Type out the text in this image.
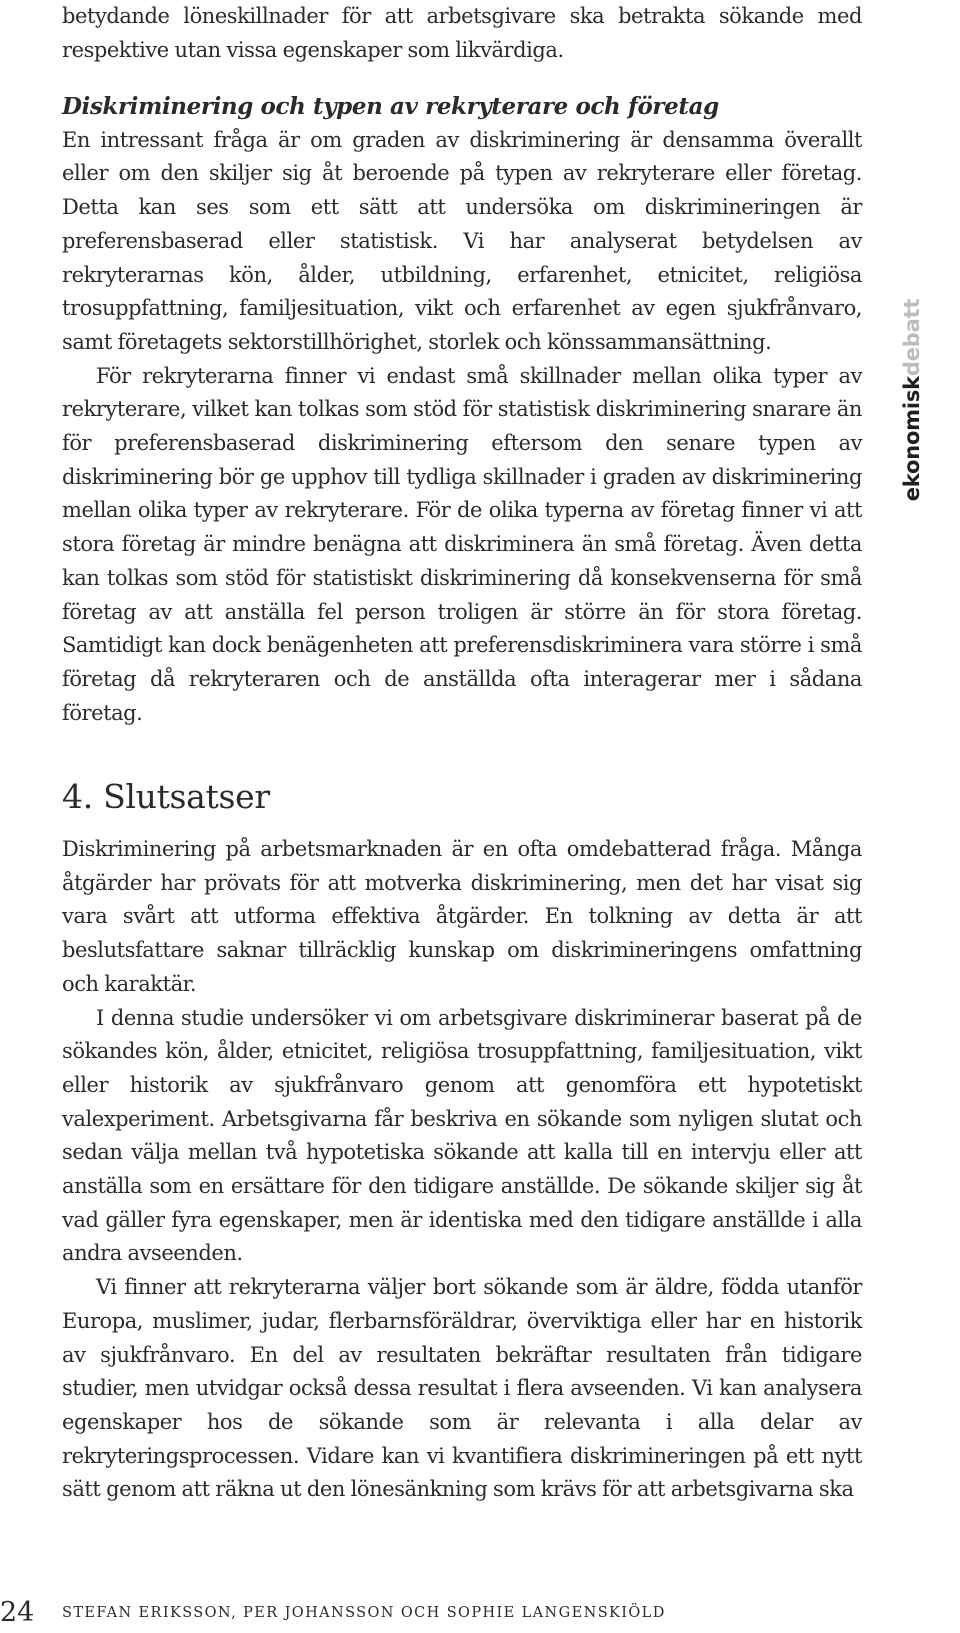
betydande löneskillnader för att arbetsgivare ska betrakta sökande med respektive utan vissa egenskaper som likvärdiga.

Diskriminering och typen av rekryterare och företag

En intressant fråga är om graden av diskriminering är densamma överallt eller om den skiljer sig åt beroende på typen av rekryterare eller företag. Detta kan ses som ett sätt att undersöka om diskrimineringen är preferensbaserad eller statistisk. Vi har analyserat betydelsen av rekryterarnas kön, ålder, utbildning, erfarenhet, etnicitet, religiösa trosuppfattning, familjesituation, vikt och erfarenhet av egen sjukfrånvaro, samt företagets sektorstillhörighet, storlek och könssammansättning.

För rekryterarna finner vi endast små skillnader mellan olika typer av rekryterare, vilket kan tolkas som stöd för statistisk diskriminering snarare än för preferensbaserad diskriminering eftersom den senare typen av diskriminering bör ge upphov till tydliga skillnader i graden av diskriminering mellan olika typer av rekryterare. För de olika typerna av företag finner vi att stora företag är mindre benägna att diskriminera än små företag. Även detta kan tolkas som stöd för statistiskt diskriminering då konsekvenserna för små företag av att anställa fel person troligen är större än för stora företag. Samtidigt kan dock benägenheten att preferensdiskriminera vara större i små företag då rekryteraren och de anställda ofta interagerar mer i sådana företag.

4. Slutsatser

Diskriminering på arbetsmarknaden är en ofta omdebatterad fråga. Många åtgärder har prövats för att motverka diskriminering, men det har visat sig vara svårt att utforma effektiva åtgärder. En tolkning av detta är att beslutsfattare saknar tillräcklig kunskap om diskrimineringens omfattning och karaktär.

I denna studie undersöker vi om arbetsgivare diskriminerar baserat på de sökandes kön, ålder, etnicitet, religiösa trosuppfattning, familjesituation, vikt eller historik av sjukfrånvaro genom att genomföra ett hypotetiskt valexperiment. Arbetsgivarna får beskriva en sökande som nyligen slutat och sedan välja mellan två hypotetiska sökande att kalla till en intervju eller att anställa som en ersättare för den tidigare anställde. De sökande skiljer sig åt vad gäller fyra egenskaper, men är identiska med den tidigare anställde i alla andra avseenden.

Vi finner att rekryterarna väljer bort sökande som är äldre, födda utanför Europa, muslimer, judar, flerbarnsföräldrar, överviktiga eller har en historik av sjukfrånvaro. En del av resultaten bekräftar resultaten från tidigare studier, men utvidgar också dessa resultat i flera avseenden. Vi kan analysera egenskaper hos de sökande som är relevanta i alla delar av rekryteringsprocessen. Vidare kan vi kvantifiera diskrimineringen på ett nytt sätt genom att räkna ut den lönesänkning som krävs för att arbetsgivarna ska

ekonomiskdebatt
24 STEFAN ERIKSSON, PER JOHANSSON OCH SOPHIE LANGENSKIÖLD
